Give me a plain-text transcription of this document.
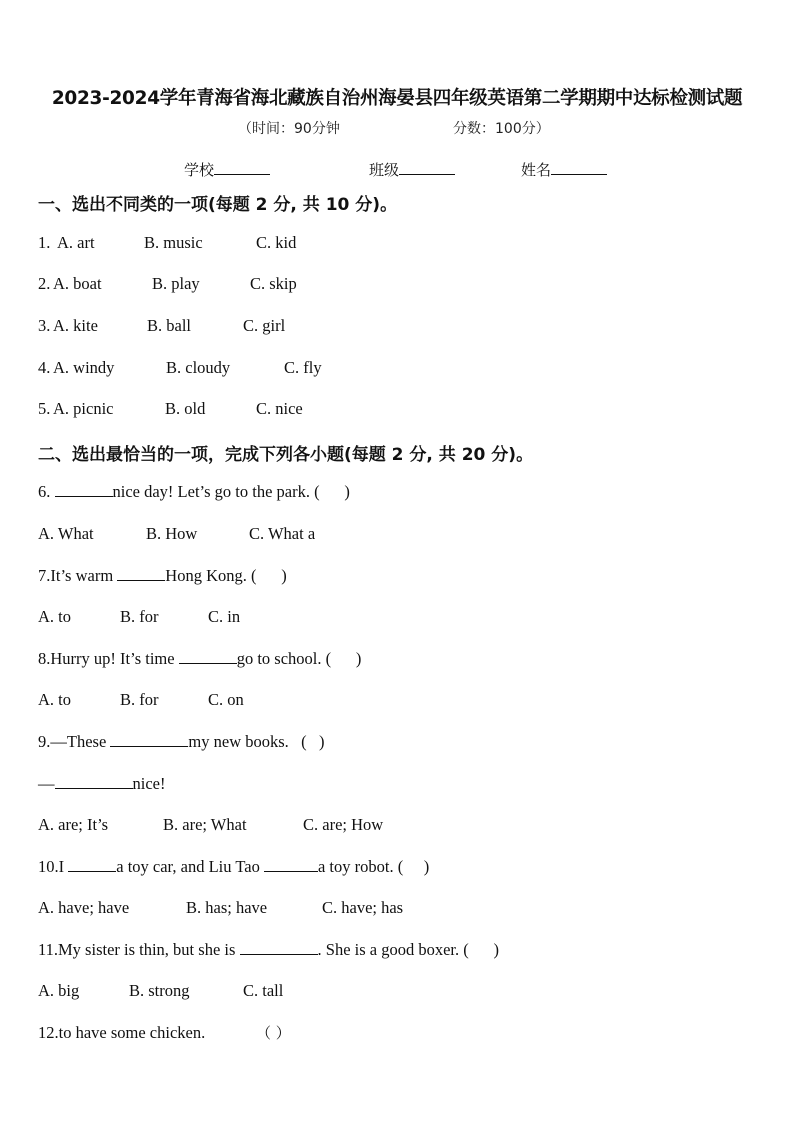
2023-2024学年青海省海北藏族自治州海晏县四年级英语第二学期期中达标检测试题
（时间：90分钟	分数：100分）
学校	班级	姓名
一、选出不同类的一项(每题 2 分, 共 10 分)。
1. A. art	B. music	C. kid
2. A. boat	B. play	C. skip
3. A. kite	B. ball	C. girl
4. A. windy	B. cloudy	C. fly
5. A. picnic	B. old	C. nice
二、选出最恰当的一项，完成下列各小题(每题 2 分, 共 20 分)。
6.	nice day! Let’s go to the park. (      )
A. What	B. How	C. What a
7.It’s warm	Hong Kong. (      )
A. to	B. for	C. in
8.Hurry up! It’s time	go to school. (      )
A. to	B. for	C. on
9.—These	my new books.   (   )
—	nice!
A. are; It’s	B. are; What	C. are; How
10.I	a toy car, and Liu Tao	a toy robot. (     )
A. have; have	B. has; have	C. have; has
11.My sister is thin, but she is	. She is a good boxer. (      )
A. big	B. strong	C. tall
12.to have some chicken.	（ ）
